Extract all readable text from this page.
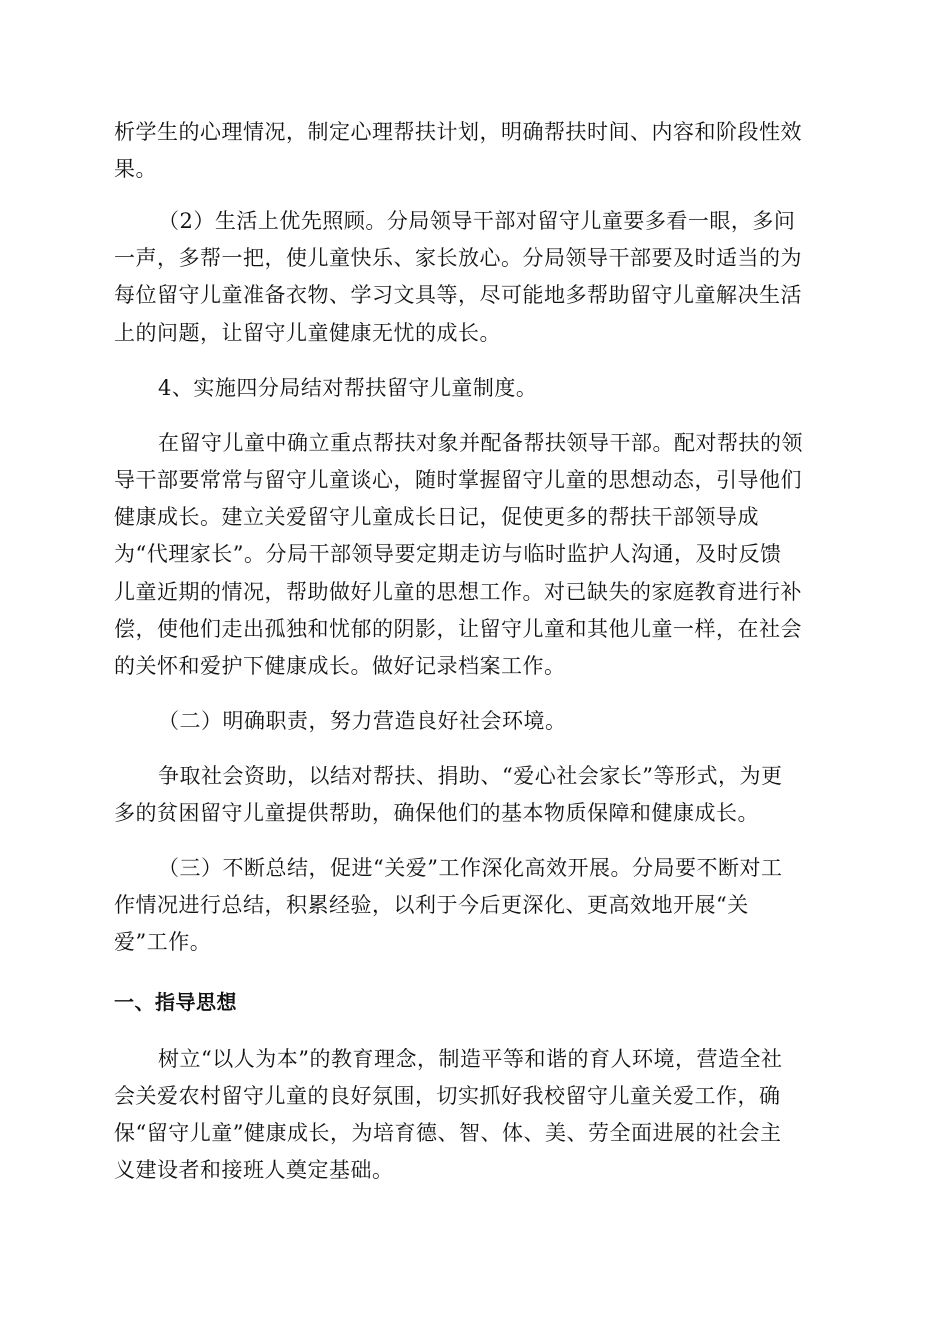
析学生的心理情况，制定心理帮扶计划，明确帮扶时间、内容和阶段性效
果。
（2）生活上优先照顾。分局领导干部对留守儿童要多看一眼，多问
一声，多帮一把，使儿童快乐、家长放心。分局领导干部要及时适当的为
每位留守儿童准备衣物、学习文具等，尽可能地多帮助留守儿童解决生活
上的问题，让留守儿童健康无忧的成长。
4、实施四分局结对帮扶留守儿童制度。
在留守儿童中确立重点帮扶对象并配备帮扶领导干部。配对帮扶的领
导干部要常常与留守儿童谈心，随时掌握留守儿童的思想动态，引导他们
健康成长。建立关爱留守儿童成长日记，促使更多的帮扶干部领导成
为“代理家长”。分局干部领导要定期走访与临时监护人沟通，及时反馈
儿童近期的情况，帮助做好儿童的思想工作。对已缺失的家庭教育进行补
偿，使他们走出孤独和忧郁的阴影，让留守儿童和其他儿童一样，在社会
的关怀和爱护下健康成长。做好记录档案工作。
（二）明确职责，努力营造良好社会环境。
争取社会资助，以结对帮扶、捐助、“爱心社会家长”等形式，为更
多的贫困留守儿童提供帮助，确保他们的基本物质保障和健康成长。
（三）不断总结，促进“关爱”工作深化高效开展。分局要不断对工
作情况进行总结，积累经验，以利于今后更深化、更高效地开展“关
爱”工作。
一、指导思想
树立“以人为本”的教育理念，制造平等和谐的育人环境，营造全社
会关爱农村留守儿童的良好氛围，切实抓好我校留守儿童关爱工作，确
保“留守儿童”健康成长，为培育德、智、体、美、劳全面进展的社会主
义建设者和接班人奠定基础。
